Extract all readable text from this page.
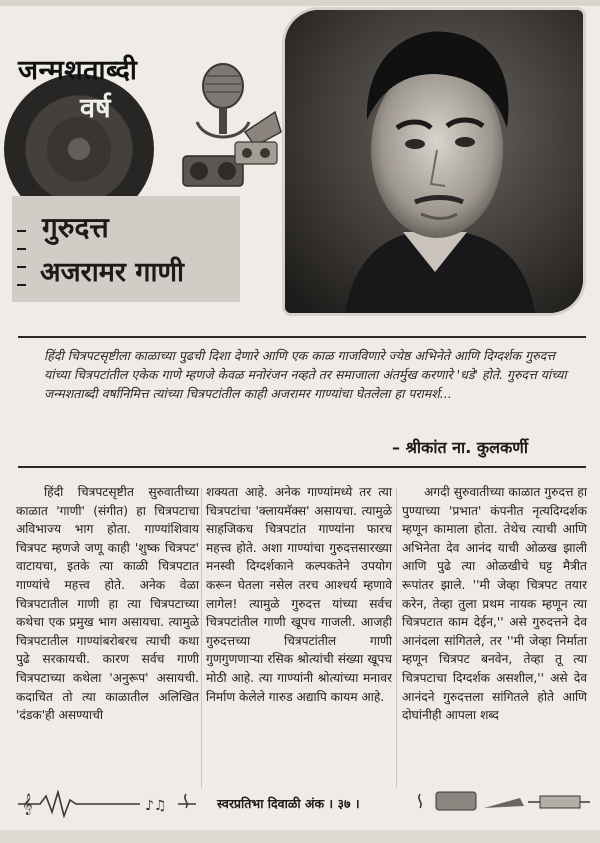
जन्मशताब्दी
वर्ष
गुरुदत्त
अजरामर गाणी
हिंदी चित्रपटसृष्टीला काळाच्या पुढची दिशा देणारे आणि एक काळ गाजविणारे ज्येष्ठ अभिनेते आणि दिग्दर्शक गुरुदत्त यांच्या चित्रपटांतील एकेक गाणे म्हणजे केवळ मनोरंजन नव्हते तर समाजाला अंतर्मुख करणारे 'धडे' होते. गुरुदत्त यांच्या जन्मशताब्दी वर्षानिमित्त त्यांच्या चित्रपटांतील काही अजरामर गाण्यांचा घेतलेला हा परामर्श...
– श्रीकांत ना. कुलकर्णी

हिंदी चित्रपटसृष्टीत सुरुवातीच्या काळात 'गाणी' (संगीत) हा चित्रपटाचा अविभाज्य भाग होता. गाण्यांशिवाय चित्रपट म्हणजे जणू काही 'शुष्क चित्रपट' वाटायचा, इतके त्या काळी चित्रपटात गाण्यांचे महत्त्व होते. अनेक वेळा चित्रपटातील गाणी हा त्या चित्रपटाच्या कथेचा एक प्रमुख भाग असायचा. त्यामुळे चित्रपटातील गाण्यांबरोबरच त्याची कथा पुढे सरकायची. कारण सर्वच गाणी चित्रपटाच्या कथेला 'अनुरूप' असायची. कदाचित तो त्या काळातील अलिखित 'दंडक'ही असण्याची

शक्यता आहे. अनेक गाण्यांमध्ये तर त्या चित्रपटांचा 'क्लायमॅक्स' असायचा. त्यामुळे साहजिकच चित्रपटांत गाण्यांना फारच महत्त्व होते. अशा गाण्यांचा गुरुदत्तसारख्या मनस्वी दिग्दर्शकाने कल्पकतेने उपयोग करून घेतला नसेल तरच आश्चर्य म्हणावे लागेल! त्यामुळे गुरुदत्त यांच्या सर्वच चित्रपटांतील गाणी खूपच गाजली. आजही गुरुदत्तच्या चित्रपटांतील गाणी गुणगुणणाऱ्या रसिक श्रोत्यांची संख्या खूपच मोठी आहे. त्या गाण्यांनी श्रोत्यांच्या मनावर निर्माण केलेले गारुड अद्यापि कायम आहे.

अगदी सुरुवातीच्या काळात गुरुदत्त हा पुण्याच्या 'प्रभात' कंपनीत नृत्यदिग्दर्शक म्हणून कामाला होता. तेथेच त्याची आणि अभिनेता देव आनंद याची ओळख झाली आणि पुढे त्या ओळखीचे घट्ट मैत्रीत रूपांतर झाले. ''मी जेव्हा चित्रपट तयार करेन, तेव्हा तुला प्रथम नायक म्हणून त्या चित्रपटात काम देईन,'' असे गुरुदत्तने देव आनंदला सांगितले, तर ''मी जेव्हा निर्माता म्हणून चित्रपट बनवेन, तेव्हा तू त्या चित्रपटाचा दिग्दर्शक असशील,'' असे देव आनंदने गुरुदत्तला सांगितले होते आणि दोघांनीही आपला शब्द

𝄞	♪♫	स्वरप्रतिभा दिवाळी अंक । ३७ ।
